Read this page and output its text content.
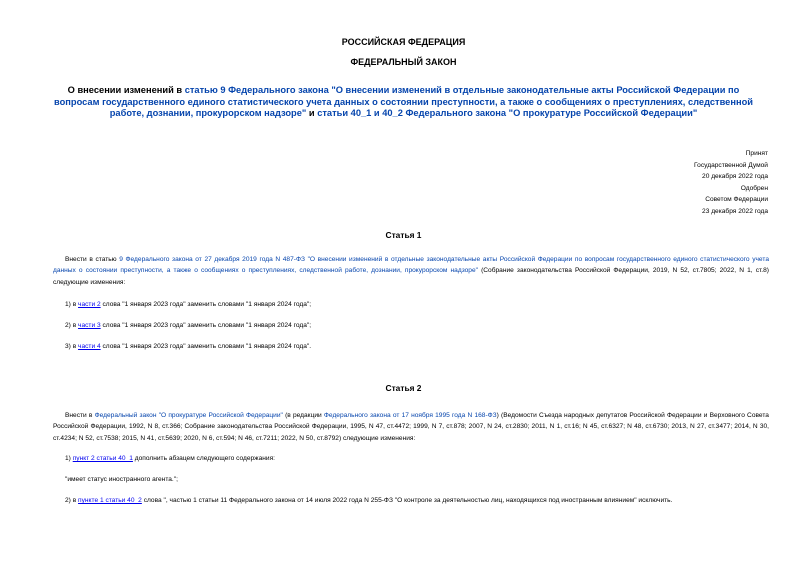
РОССИЙСКАЯ ФЕДЕРАЦИЯ
ФЕДЕРАЛЬНЫЙ ЗАКОН
О внесении изменений в статью 9 Федерального закона "О внесении изменений в отдельные законодательные акты Российской Федерации по вопросам государственного единого статистического учета данных о состоянии преступности, а также о сообщениях о преступлениях, следственной работе, дознании, прокурорском надзоре" и статьи 40_1 и 40_2 Федерального закона "О прокуратуре Российской Федерации"
Принят
Государственной Думой
20 декабря 2022 года
Одобрен
Советом Федерации
23 декабря 2022 года
Статья 1
Внести в статью 9 Федерального закона от 27 декабря 2019 года N 487-ФЗ "О внесении изменений в отдельные законодательные акты Российской Федерации по вопросам государственного единого статистического учета данных о состоянии преступности, а также о сообщениях о преступлениях, следственной работе, дознании, прокурорском надзоре" (Собрание законодательства Российской Федерации, 2019, N 52, ст.7805; 2022, N 1, ст.8) следующие изменения:
1) в части 2 слова "1 января 2023 года" заменить словами "1 января 2024 года";
2) в части 3 слова "1 января 2023 года" заменить словами "1 января 2024 года";
3) в части 4 слова "1 января 2023 года" заменить словами "1 января 2024 года".
Статья 2
Внести в Федеральный закон "О прокуратуре Российской Федерации" (в редакции Федерального закона от 17 ноября 1995 года N 168-ФЗ) (Ведомости Съезда народных депутатов Российской Федерации и Верховного Совета Российской Федерации, 1992, N 8, ст.366; Собрание законодательства Российской Федерации, 1995, N 47, ст.4472; 1999, N 7, ст.878; 2007, N 24, ст.2830; 2011, N 1, ст.16; N 45, ст.6327; N 48, ст.6730; 2013, N 27, ст.3477; 2014, N 30, ст.4234; N 52, ст.7538; 2015, N 41, ст.5639; 2020, N 6, ст.594; N 46, ст.7211; 2022, N 50, ст.8792) следующие изменения:
1) пункт 2 статьи 40_1 дополнить абзацем следующего содержания:
"имеет статус иностранного агента.";
2) в пункте 1 статьи 40_2 слова ", частью 1 статьи 11 Федерального закона от 14 июля 2022 года N 255-ФЗ "О контроле за деятельностью лиц, находящихся под иностранным влиянием" исключить.
